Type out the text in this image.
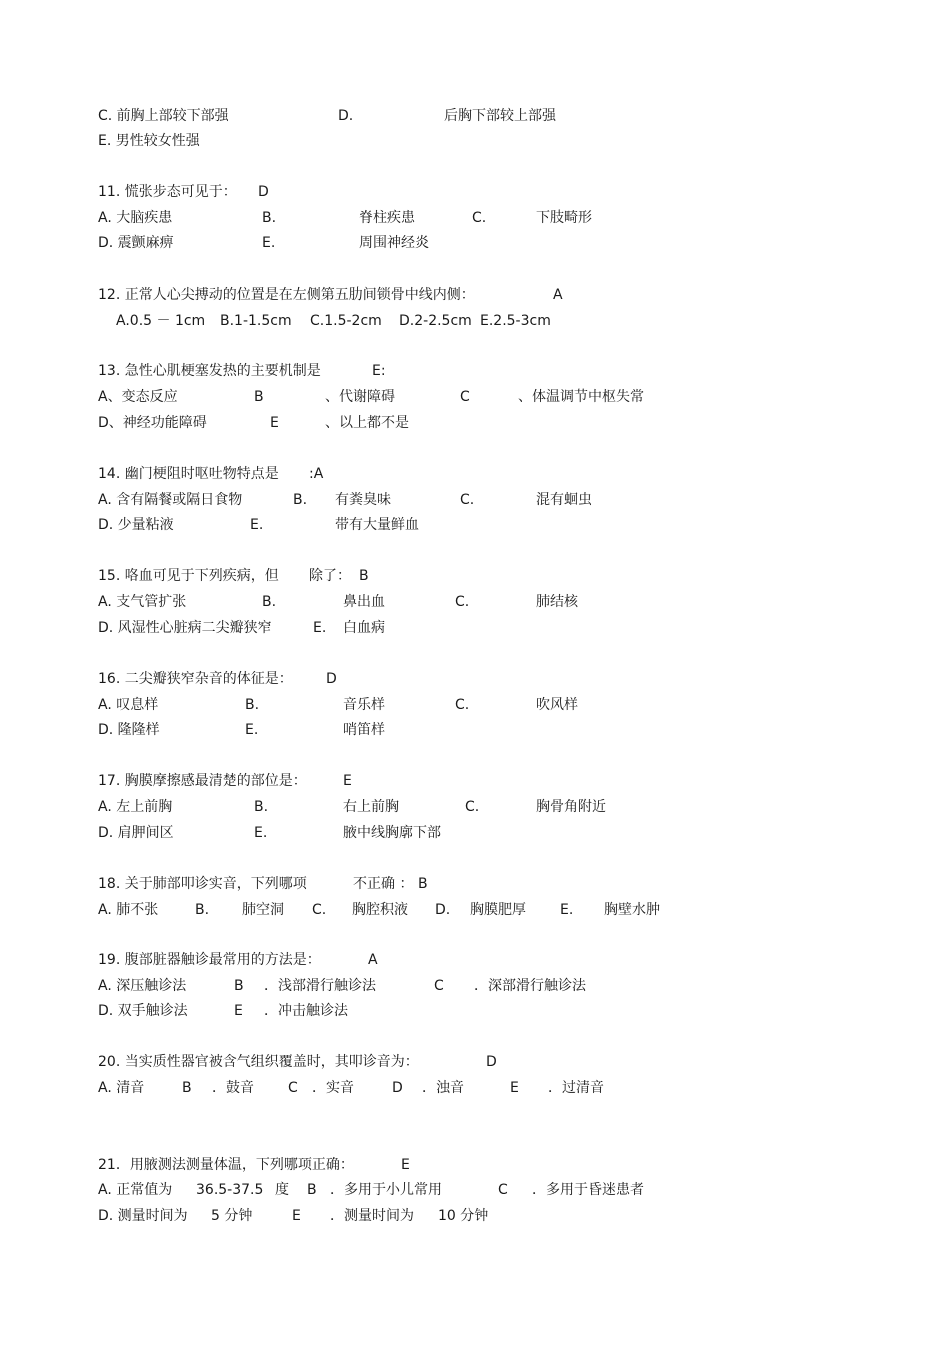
C. 前胸上部较下部强	D.	后胸下部较上部强
E. 男性较女性强
11. 慌张步态可见于： D
A. 大脑疾患	B.	脊柱疾患	C.	下肢畸形
D. 震颤麻痹	E.	周围神经炎
12. 正常人心尖搏动的位置是在左侧第五肋间锁骨中线内侧：	A
A.0.5 － 1cm B.1-1.5cm C.1.5-2cm D.2-2.5cm E.2.5-3cm
13. 急性心肌梗塞发热的主要机制是	E:
A、变态反应	B	、代谢障碍	C	、体温调节中枢失常
D、神经功能障碍	E	、以上都不是
14. 幽门梗阻时呕吐物特点是 :A
A. 含有隔餐或隔日食物	B. 有粪臭味	C.	混有蛔虫
D. 少量粘液	E.	带有大量鲜血
15. 咯血可见于下列疾病，但 除了： B
A. 支气管扩张	B.	鼻出血	C.	肺结核
D. 风湿性心脏病二尖瓣狭窄	E. 白血病
16. 二尖瓣狭窄杂音的体征是： D
A. 叹息样	B.	音乐样	C.	吹风样
D. 隆隆样	E.	哨笛样
17. 胸膜摩擦感最清楚的部位是：	E
A. 左上前胸	B.	右上前胸	C.	胸骨角附近
D. 肩胛间区	E.	腋中线胸廓下部
18. 关于肺部叩诊实音，下列哪项	不正确 ： B
A. 肺不张	B. 肺空洞 C. 胸腔积液 D. 胸膜肥厚 E. 胸壁水肿
19. 腹部脏器触诊最常用的方法是：	A
A. 深压触诊法	B ．浅部滑行触诊法	C ．深部滑行触诊法
D. 双手触诊法	E ．冲击触诊法
20. 当实质性器官被含气组织覆盖时，其叩诊音为：	D
A. 清音	B ．鼓音 C ．实音	D ．浊音	E ．过清音
21．用腋测法测量体温，下列哪项正确：	E
A. 正常值为 36.5-37.5 度 B ．多用于小儿常用	C ．多用于昏迷患者
D. 测量时间为 5 分钟	E ．测量时间为 10 分钟
